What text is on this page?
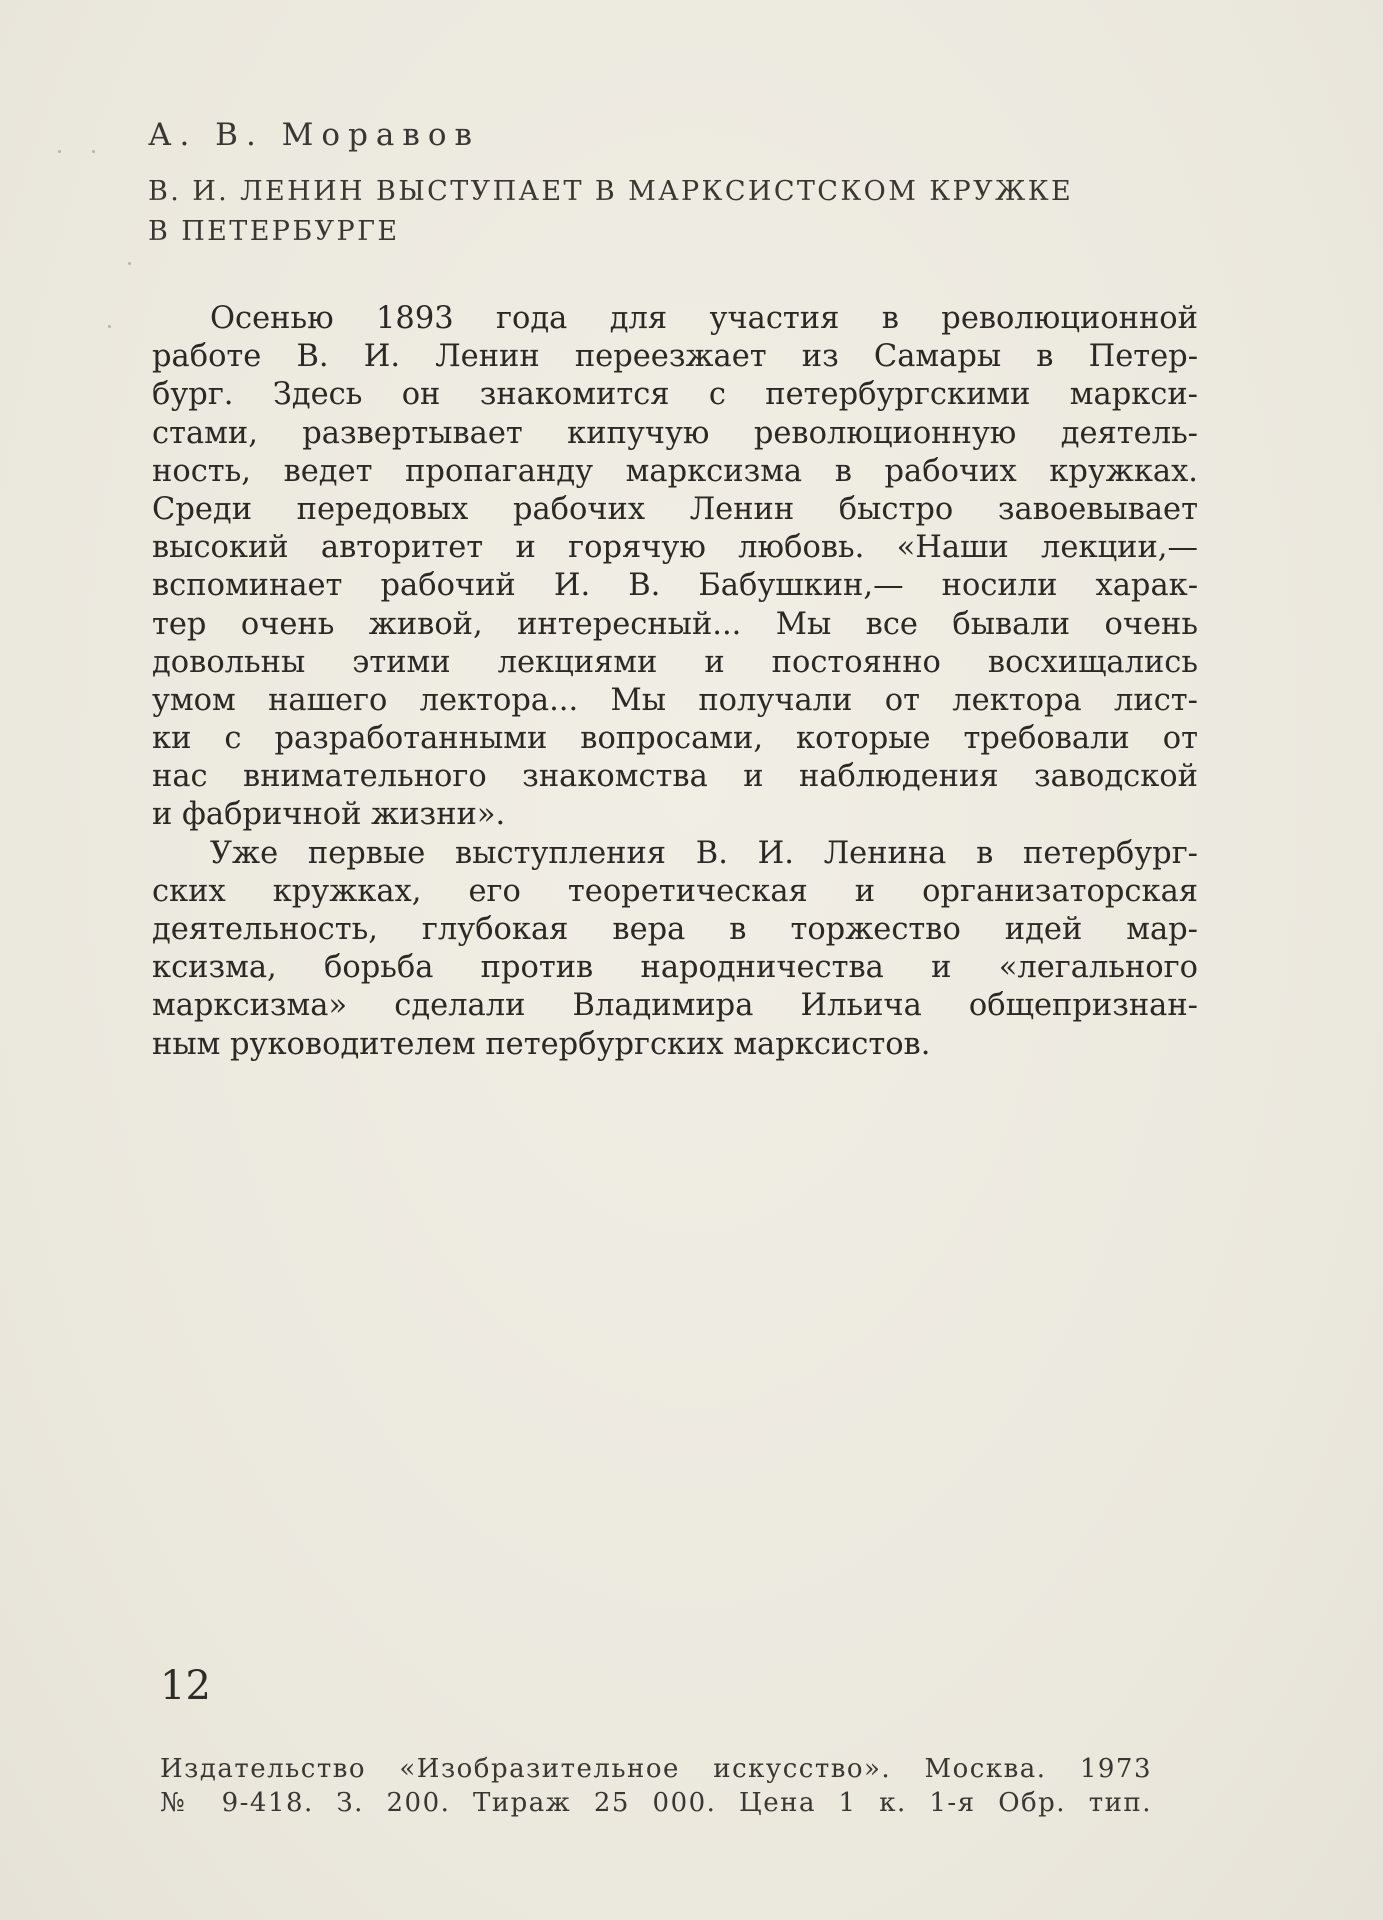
А. В. Моравов
В. И. ЛЕНИН ВЫСТУПАЕТ В МАРКСИСТСКОМ КРУЖКЕ
В ПЕТЕРБУРГЕ
Осенью 1893 года для участия в революционной
работе В. И. Ленин переезжает из Самары в Петер-
бург. Здесь он знакомится с петербургскими маркси-
стами, развертывает кипучую революционную деятель-
ность, ведет пропаганду марксизма в рабочих кружках.
Среди передовых рабочих Ленин быстро завоевывает
высокий авторитет и горячую любовь. «Наши лекции,—
вспоминает рабочий И. В. Бабушкин,— носили харак-
тер очень живой, интересный... Мы все бывали очень
довольны этими лекциями и постоянно восхищались
умом нашего лектора... Мы получали от лектора лист-
ки с разработанными вопросами, которые требовали от
нас внимательного знакомства и наблюдения заводской
и фабричной жизни».
Уже первые выступления В. И. Ленина в петербург-
ских кружках, его теоретическая и организаторская
деятельность, глубокая вера в торжество идей мар-
ксизма, борьба против народничества и «легального
марксизма» сделали Владимира Ильича общепризнан-
ным руководителем петербургских марксистов.
12
Издательство «Изобразительное искусство». Москва. 1973
№ 9-418. З. 200. Тираж 25 000. Цена 1 к. 1-я Обр. тип.
